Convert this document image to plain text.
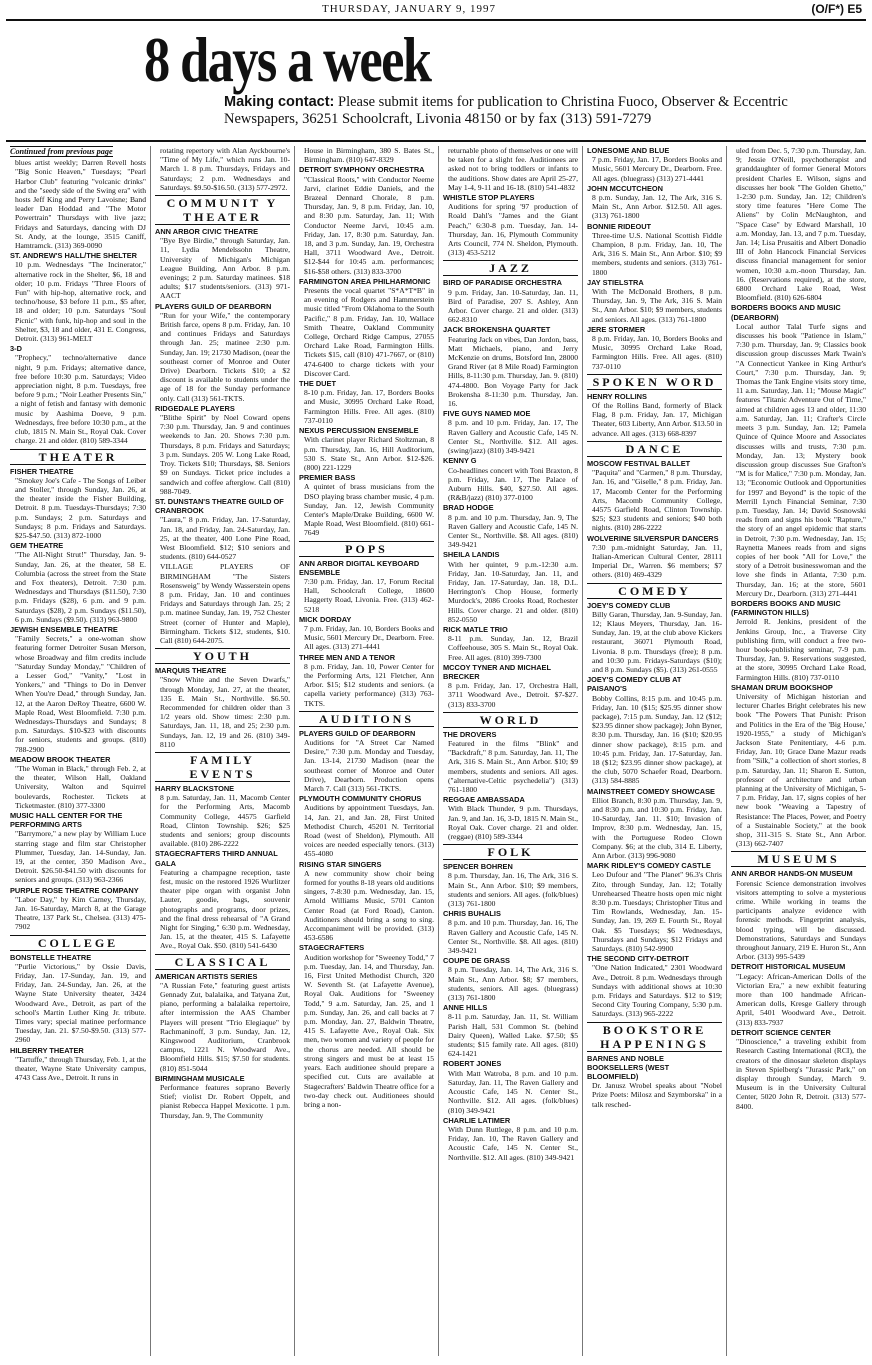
THURSDAY, JANUARY 9, 1997	(O/F*) E5
8 days a week
Making contact: Please submit items for publication to Christina Fuoco, Observer & Eccentric Newspapers, 36251 Schoolcraft, Livonia 48150 or by fax (313) 591-7279
Continued from previous page
blues artist weekly; Darren Revell hosts "Big Sonic Heaven," Tuesdays; "Pearl Harbor Club" featuring "volcanic drinks" and the "seedy side of the Swing era" with hosts Jeff King and Perry Lavoisne; Band leader Dan Hoddad and "The Motor Powertrain" Thursdays with live jazz; Fridays and Saturdays, dancing with DJ St. Andy, at the lounge, 3515 Caniff, Hamtramck. (313) 369-0090
ST. ANDREW'S HALL/THE SHELTER
10 p.m. Wednesdays "The Incinerator," alternative rock in the Shelter, $6, 18 and older; 10 p.m. Fridays "Three Floors of Fun" with hip-hop, alternative rock, and techno/house, $3 before 11 p.m., $5 after, 18 and older; 10 p.m. Saturdays "Soul Picnic" with funk, hip-hop and soul in the Shelter, $3, 18 and older, 431 E. Congress, Detroit. (313) 961-MELT
3-D
"Prophecy," techno/alternative dance night, 9 p.m. Fridays; alternative dance, free before 10:30 p.m. Saturdays; Video appreciation night, 8 p.m. Tuesdays, free before 9 p.m.; "Noir Leather Presents Sin," a night of fetish and fantasy with demonic music by Aashima Doeve, 9 p.m. Wednesdays, free before 10:30 p.m., at the club, 1815 N. Main St., Royal Oak. Cover charge. 21 and older. (810) 589-3344
THEATER
FISHER THEATRE
"Smokey Joe's Cafe - The Songs of Leiber and Stoller," through Sunday, Jan. 26, at the theater inside the Fisher Building, Detroit. 8 p.m. Tuesdays-Thursdays; 7:30 p.m. Sundays; 2 p.m. Saturdays and Sundays; 8 p.m. Fridays and Saturdays. $25-$47.50. (313) 872-1000
GEM THEATRE
"The All-Night Strut!" Thursday, Jan. 9-Sunday, Jan. 26, at the theater, 58 E. Columbia (across the street from the State and Fox theaters), Detroit. 7:30 p.m. Wednesdays and Thursdays ($11.50), 7:30 p.m. Fridays ($28), 6 p.m. and 9 p.m. Saturdays ($28), 2 p.m. Sundays ($11.50), 6 p.m. Sundays ($9.50). (313) 963-9800
JEWISH ENSEMBLE THEATRE
"Family Secrets," a one-woman show featuring former Detroiter Susan Merson, whose Broadway and film credits include "Saturday Sunday Monday," "Children of a Lesser God," "Vanity," "Lost in Yonkers," and "Things to Do in Denver When You're Dead," through Sunday, Jan. 12, at the Aaron DeRoy Theatre, 6600 W. Maple Road, West Bloomfield. 7:30 p.m. Wednesdays-Thursdays and Sundays; 8 p.m. Saturdays. $10-$23 with discounts for seniors, students and groups. (810) 788-2900
MEADOW BROOK THEATER
"The Woman in Black," through Feb. 2, at the theater, Wilson Hall, Oakland University, Walton and Squirrel boulevards, Rochester. Tickets at Ticketmaster. (810) 377-3300
MUSIC HALL CENTER FOR THE PERFORMING ARTS
"Barrymore," a new play by William Luce starring stage and film star Christopher Plummer, Tuesday, Jan. 14-Sunday, Jan. 19, at the center, 350 Madison Ave., Detroit. $26.50-$41.50 with discounts for seniors and groups. (313) 963-2366
PURPLE ROSE THEATRE COMPANY
"Labor Day," by Kim Carney, Thursday, Jan. 16-Saturday, March 8, at the Garage Theatre, 137 Park St., Chelsea. (313) 475-7902
COLLEGE
BONSTELLE THEATRE
"Purlie Victorious," by Ossie Davis, Friday, Jan. 17-Sunday, Jan. 19, and Friday, Jan. 24-Sunday, Jan. 26, at the Wayne State University theater, 3424 Woodward Ave., Detroit, as part of the school's Martin Luther King Jr. tribute. Times vary; special matinee performance Tuesday, Jan. 21. $7.50-$9.50. (313) 577-2960
HILBERRY THEATER
"Tartuffe," through Thursday, Feb. 1, at the theater, Wayne State University campus, 4743 Cass Ave., Detroit. It runs in
rotating repertory with Alan Ayckbourne's "Time of My Life," which runs Jan. 10-March 1. 8 p.m. Thursdays, Fridays and Saturdays; 2 p.m. Wednesdays and Saturdays. $9.50-$16.50. (313) 577-2972.
COMMUNIT Y THEATER
ANN ARBOR CIVIC THEATRE
"Bye Bye Birdie," through Saturday, Jan. 11, Lydia Mendelssohn Theatre, University of Michigan's Michigan League Building, Ann Arbor. 8 p.m. evenings; 2 p.m. Saturday matinees. $18 adults; $17 students/seniors. (313) 971-AACT
PLAYERS GUILD OF DEARBORN
"Run for your Wife," the contemporary British farce, opens 8 p.m. Friday, Jan. 10 and continues Fridays and Saturdays through Jan. 25; matinee 2:30 p.m. Sunday, Jan. 19; 21730 Madison, (near the southeast corner of Monroe and Outer Drive) Dearborn. Tickets $10; a $2 discount is available to students under the age of 18 for the Sunday performance only. Call (313) 561-TKTS.
RIDGEDALE PLAYERS
"Blithe Spirit" by Noel Coward opens 7:30 p.m. Thursday, Jan. 9 and continues weekends to Jan. 20. Shows 7:30 p.m. Thursdays, 8 p.m. Fridays and Saturdays; 3 p.m. Sundays. 205 W. Long Lake Road, Troy. Tickets $10; Thursdays, $8. Seniors $9 on Sundays. Ticket price includes a sandwich and coffee afterglow. Call (810) 988-7049.
ST. DUNSTAN'S THEATRE GUILD OF CRANBROOK
"Laura," 8 p.m. Friday, Jan. 17-Saturday, Jan. 18, and Friday, Jan. 24-Saturday, Jan. 25, at the theater, 400 Lone Pine Road, West Bloomfield. $12; $10 seniors and students. (810) 644-0527
VILLAGE PLAYERS OF BIRMINGHAM "The Sisters Rosensweig" by Wendy Wasserstein opens 8 p.m. Friday, Jan. 10 and continues Fridays and Saturdays through Jan. 25; 2 p.m. matinee Sunday, Jan. 19, 752 Chester Street (corner of Hunter and Maple), Birmingham. Tickets $12, students, $10. Call (810) 644-2075.
YOUTH
MARQUIS THEATRE
"Snow White and the Seven Dwarfs," through Monday, Jan. 27, at the theater, 135 E. Main St., Northville. $6.50. Recommended for children older than 3 1/2 years old. Show times: 2:30 p.m. Saturdays, Jan. 11, 18, and 25; 2:30 p.m. Sundays, Jan. 12, 19 and 26. (810) 349-8110
FAMILY EVENTS
HARRY BLACKSTONE
8 p.m. Saturday, Jan. 11, Macomb Center for the Performing Arts, Macomb Community College, 44575 Garfield Road, Clinton Township. $26; $25 students and seniors; group discounts available. (810) 286-2222
STAGECRAFTERS THIRD ANNUAL GALA
Featuring a champagne reception, taste fest, music on the restored 1926 Wurlitzer theater pipe organ with organist John Lauter, goodie, bags, souvenir photographs and programs, door prizes, and the final dress rehearsal of "A Grand Night for Singing," 6:30 p.m. Wednesday, Jan. 15, at the theater, 415 S. Lafayette Ave., Royal Oak. $50. (810) 541-6430
CLASSICAL
AMERICAN ARTISTS SERIES
"A Russian Fete," featuring guest artists Gennady Zut, balalaika, and Tatyana Zut, piano, performing a balalaika repertoire, after intermission the AAS Chamber Players will present "Trio Elegiaque" by Rachmaninoff, 3 p.m. Sunday, Jan. 12, Kingswood Auditorium, Cranbrook campus, 1221 N. Woodward Ave., Bloomfield Hills. $15; $7.50 for students. (810) 851-5044
BIRMINGHAM MUSICALE
Performance features soprano Beverly Stief; violist Dr. Robert Oppelt, and pianist Rebecca Happel Mexicotte. 1 p.m. Thursday, Jan. 9, The Community
House in Birmingham, 380 S. Bates St., Birmingham. (810) 647-8329
DETROIT SYMPHONY ORCHESTRA
"Classical Roots," with Conductor Neeme Jarvi, clarinet Eddie Daniels, and the Brazeal Dennard Chorale, 8 p.m. Thursday, Jan. 9, 8 p.m. Friday, Jan. 10, and 8:30 p.m. Saturday, Jan. 11; With Conductor Neeme Jarvi, 10:45 a.m. Friday, Jan. 17, 8:30 p.m. Saturday, Jan. 18, and 3 p.m. Sunday, Jan. 19, Orchestra Hall, 3711 Woodward Ave., Detroit. $12-$44 for 10:45 a.m. performances; $16-$58 others. (313) 833-3700
FARMINGTON AREA PHILHARMONIC
Presents the vocal quartet "S*A*T*B" in an evening of Rodgers and Hammerstein music titled "From Oklahoma to the South Pacific," 8 p.m. Friday, Jan. 10, Wallace Smith Theatre, Oakland Community College, Orchard Ridge Campus, 27055 Orchard Lake Road, Farmington Hills. Tickets $15, call (810) 471-7667, or (810) 474-6400 to charge tickets with your Discover Card.
THE DUET
8-10 p.m. Friday, Jan. 17, Borders Books and Music, 30995 Orchard Lake Road, Farmington Hills. Free. All ages. (810) 737-0110
NEXUS PERCUSSION ENSEMBLE
With clarinet player Richard Stoltzman, 8 p.m. Thursday, Jan. 16, Hill Auditorium, 530 S. State St., Ann Arbor. $12-$26. (800) 221-1229
PREMIER BASS
A quintet of brass musicians from the DSO playing brass chamber music, 4 p.m. Sunday, Jan. 12, Jewish Community Center's Maple/Drake Building, 6600 W. Maple Road, West Bloomfield. (810) 661-7649
POPS
ANN ARBOR DIGITAL KEYBOARD ENSEMBLE
7:30 p.m. Friday, Jan. 17, Forum Recital Hall, Schoolcraft College, 18600 Haggerty Road, Livonia. Free. (313) 462-5218
MICK DORDAY
7 p.m. Friday, Jan. 10, Borders Books and Music, 5601 Mercury Dr., Dearborn. Free. All ages. (313) 271-4441
THREE MEN AND A TENOR
8 p.m. Friday, Jan. 10, Power Center for the Performing Arts, 121 Fletcher, Ann Arbor. $15; $12 students and seniors. (a capella variety performance) (313) 763-TKTS.
AUDITIONS
PLAYERS GUILD OF DEARBORN
Auditions for "A Street Car Named Desire," 7:30 p.m. Monday and Tuesday, Jan. 13-14, 21730 Madison (near the southeast corner of Monroe and Outer Drive), Dearborn. Production opens March 7. Call (313) 561-TKTS.
PLYMOUTH COMMUNITY CHORUS
Auditions by appointment Tuesdays, Jan. 14, Jan. 21, and Jan. 28, First United Methodist Church, 45201 N. Territorial Road (west of Sheldon), Plymouth. All voices are needed especially tenors. (313) 455-4080
RISING STAR SINGERS
A new community show choir being formed for youths 8-18 years old auditions singers, 7-8:30 p.m. Wednesday, Jan. 15, Arnold Williams Music, 5701 Canton Center Road (at Ford Road), Canton. Auditioners should bring a song to sing. Accompaniment will be provided. (313) 453-6586
STAGECRAFTERS
Audition workshop for "Sweeney Todd," 7 p.m. Tuesday, Jan. 14, and Thursday, Jan. 16, First United Methodist Church, 320 W. Seventh St. (at Lafayette Avenue), Royal Oak. Auditions for "Sweeney Todd," 9 a.m. Saturday, Jan. 25, and 1 p.m. Sunday, Jan. 26, and call backs at 7 p.m. Monday, Jan. 27, Baldwin Theatre, 415 S. Lafayette Ave., Royal Oak. Six men, two women and variety of people for the chorus are needed. All should be strong singers and must be at least 15 years. Each auditionee should prepare a specified cut. Cuts are available at Stagecrafters' Baldwin Theatre office for a two-day check out. Auditionees should bring a non-
returnable photo of themselves or one will be taken for a slight fee. Auditionees are asked not to bring toddlers or infants to the auditions. Show dates are April 25-27, May 1-4, 9-11 and 16-18. (810) 541-4832
WHISTLE STOP PLAYERS
Auditions for spring '97 production of Roald Dahl's "James and the Giant Peach," 6:30-8 p.m. Tuesday, Jan. 14-Thursday, Jan. 16, Plymouth Community Arts Council, 774 N. Sheldon, Plymouth. (313) 453-5212
JAZZ
BIRD OF PARADISE ORCHESTRA
9 p.m. Friday, Jan. 10-Saturday, Jan. 11, Bird of Paradise, 207 S. Ashley, Ann Arbor. Cover charge. 21 and older. (313) 662-8310
JACK BROKENSHA QUARTET
Featuring Jack on vibes, Dan Jordon, bass, Matt Michaels, piano, and Jerry McKenzie on drums, Botsford Inn, 28000 Grand River (at 8 Mile Road) Farmington Hills, 8-11:30 p.m. Thursday, Jan. 9. (810) 474-4800. Bon Voyage Party for Jack Brokensha 8-11:30 p.m. Thursday, Jan. 16.
FIVE GUYS NAMED MOE
8 p.m. and 10 p.m. Friday, Jan. 17, The Raven Gallery and Acoustic Cafe, 145 N. Center St., Northville. $12. All ages. (swing/jazz) (810) 349-9421
KENNY G
Co-headlines concert with Toni Braxton, 8 p.m. Friday, Jan. 17, The Palace of Auburn Hills. $40, $27.50. All ages. (R&B/jazz) (810) 377-0100
BRAD HODGE
8 p.m. and 10 p.m. Thursday, Jan. 9, The Raven Gallery and Acoustic Cafe, 145 N. Center St., Northville. $8. All ages. (810) 349-9421
SHEILA LANDIS
With her quintet, 9 p.m.-12:30 a.m. Friday, Jan. 10-Saturday, Jan. 11, and Friday, Jan. 17-Saturday, Jan. 18, D.L. Herrington's Chop House, formerly Murdock's, 2086 Crooks Road, Rochester Hills. Cover charge. 21 and older. (810) 852-0550
RICK MATLE TRIO
8-11 p.m. Sunday, Jan. 12, Brazil Coffeehouse, 305 S. Main St., Royal Oak. Free. All ages. (810) 399-7300
MCCOY TYNER AND MICHAEL BRECKER
8 p.m. Friday, Jan. 17, Orchestra Hall, 3711 Woodward Ave., Detroit. $7-$27. (313) 833-3700
WORLD
THE DROVERS
Featured in the films "Blink" and "Backdraft," 8 p.m. Saturday, Jan. 11, The Ark, 316 S. Main St., Ann Arbor. $10; $9 members, students and seniors. All ages. ("alternative-Celtic psychedelia") (313) 761-1800
REGGAE AMBASSADA
With Black Thunder, 9 p.m. Thursdays, Jan. 9, and Jan. 16, 3-D, 1815 N. Main St., Royal Oak. Cover charge. 21 and older. (reggae) (810) 589-3344
FOLK
SPENCER BOHREN
8 p.m. Thursday, Jan. 16, The Ark, 316 S. Main St., Ann Arbor. $10; $9 members, students and seniors. All ages. (folk/blues) (313) 761-1800
CHRIS BUHALIS
8 p.m. and 10 p.m. Thursday, Jan. 16, The Raven Gallery and Acoustic Cafe, 145 N. Center St., Northville. $8. All ages. (810) 349-9421
COUPE DE GRASS
8 p.m. Tuesday, Jan. 14, The Ark, 316 S. Main St., Ann Arbor. $8; $7 members, students, seniors. All ages. (bluegrass) (313) 761-1800
ANNE HILLS
8-11 p.m. Saturday, Jan. 11, St. William Parish Hall, 531 Common St. (behind Dairy Queen), Walled Lake. $7.50; $5 students; $15 family rate. All ages. (810) 624-1421
ROBERT JONES
With Matt Watroba, 8 p.m. and 10 p.m. Saturday, Jan. 11, The Raven Gallery and Acoustic Cafe, 145 N. Center St., Northville. $12. All ages. (folk/blues) (810) 349-9421
CHARLIE LATIMER
With Dunn Ruttlege, 8 p.m. and 10 p.m. Friday, Jan. 10, The Raven Gallery and Acoustic Cafe, 145 N. Center St., Northville. $12. All ages. (810) 349-9421
LONESOME AND BLUE
7 p.m. Friday, Jan. 17, Borders Books and Music, 5601 Mercury Dr., Dearborn. Free. All ages. (bluegrass) (313) 271-4441
JOHN MCCUTCHEON
8 p.m. Sunday, Jan. 12, The Ark, 316 S. Main St., Ann Arbor. $12.50. All ages. (313) 761-1800
BONNIE RIDEOUT
Three-time U.S. National Scottish Fiddle Champion, 8 p.m. Friday, Jan. 10, The Ark, 316 S. Main St., Ann Arbor. $10; $9 members, students and seniors. (313) 761-1800
JAY STIELSTRA
With The McDonald Brothers, 8 p.m. Thursday, Jan. 9, The Ark, 316 S. Main St., Ann Arbor. $10; $9 members, students and seniors. All ages. (313) 761-1800
JERE STORMER
8 p.m. Friday, Jan. 10, Borders Books and Music, 30995 Orchard Lake Road, Farmington Hills. Free. All ages. (810) 737-0110
SPOKEN WORD
HENRY ROLLINS
Of the Rollins Band, formerly of Black Flag, 8 p.m. Friday, Jan. 17, Michigan Theater, 603 Liberty, Ann Arbor. $13.50 in advance. All ages. (313) 668-8397
DANCE
MOSCOW FESTIVAL BALLET
"Paquita" and "Carmen," 8 p.m. Thursday, Jan. 16, and "Giselle," 8 p.m. Friday, Jan. 17, Macomb Center for the Performing Arts, Macomb Community College, 44575 Garfield Road, Clinton Township. $25; $23 students and seniors; $40 both nights. (810) 286-2222
WOLVERINE SILVERSPUR DANCERS
7:30 p.m.-midnight Saturday, Jan. 11, Italian-American Cultural Center, 28111 Imperial Dr., Warren. $6 members; $7 others. (810) 469-4329
COMEDY
JOEY'S COMEDY CLUB
Billy Garan, Thursday, Jan. 9-Sunday, Jan. 12; Klaus Meyers, Thursday, Jan. 16-Sunday, Jan. 19, at the club above Kickers restaurant, 36071 Plymouth Road, Livonia. 8 p.m. Thursdays (free); 8 p.m. and 10:30 p.m. Fridays-Saturdays ($10); and 8 p.m. Sundays ($5). (313) 261-0555
JOEY'S COMEDY CLUB AT PAISANO'S
Bobby Collins, 8:15 p.m. and 10:45 p.m. Friday, Jan. 10 ($15; $25.95 dinner show package), 7:15 p.m. Sunday, Jan. 12 ($12; $23.95 dinner show package); John Byner, 8:30 p.m. Thursday, Jan. 16 ($10; $20.95 dinner show package), 8:15 p.m. and 10:45 p.m. Friday, Jan. 17-Saturday, Jan. 18 ($12; $23.95 dinner show package), at the club, 5070 Schaefer Road, Dearborn. (313) 584-8885
MAINSTREET COMEDY SHOWCASE
Elliot Branch, 8:30 p.m. Thursday, Jan. 9, and 8:30 p.m. and 10:30 p.m. Friday, Jan. 10-Saturday, Jan. 11. $10; Invasion of Improv, 8:30 p.m. Wednesday, Jan. 15, with the Portuguese Rodeo Clown Company. $6; at the club, 314 E. Liberty, Ann Arbor. (313) 996-9080
MARK RIDLEY'S COMEDY CASTLE
Leo Dufour and "The Planet" 96.3's Chris Zito, through Sunday, Jan. 12; Totally Unrehearsed Theatre hosts open mic night 8:30 p.m. Tuesdays; Christopher Titus and Tim Rowlands, Wednesday, Jan. 15-Sunday, Jan. 19, 269 E. Fourth St., Royal Oak. $5 Tuesdays; $6 Wednesdays, Thursdays and Sundays; $12 Fridays and Saturdays. (810) 542-9900
THE SECOND CITY-DETROIT
"One Nation Indicated," 2301 Woodward Ave., Detroit. 8 p.m. Wednesdays through Sundays with additional shows at 10:30 p.m. Fridays and Saturdays. $12 to $19; Second City Touring Company, 5:30 p.m. Saturdays. (313) 965-2222
BOOKSTORE HAPPENINGS
BARNES AND NOBLE BOOKSELLERS (WEST BLOOMFIELD)
Dr. Janusz Wrobel speaks about "Nobel Prize Poets: Milosz and Szymborska" in a talk resched-
uled from Dec. 5, 7:30 p.m. Thursday, Jan. 9; Jessie O'Neill, psychotherapist and granddaughter of former General Motors president Charles E. Wilson, signs and discusses her book "The Golden Ghetto," 1-2:30 p.m. Sunday, Jan. 12; Children's story time features "Here Come The Aliens" by Colin McNaughton, and "Space Case" by Edward Marshall, 10 a.m. Monday, Jan. 13, and 7 p.m. Tuesday, Jan. 14; Lisa Prusaitis and Albert Donadio III of John Hancock Financial Services discuss financial management for senior women, 10:30 a.m.-noon Thursday, Jan. 16. (Reservations required), at the store, 6800 Orchard Lake Road, West Bloomfield. (810) 626-6804
BORDERS BOOKS AND MUSIC (DEARBORN)
Local author Talal Turfe signs and discusses his book "Patience in Islam," 7:30 p.m. Thursday, Jan. 9; Classics book discussion group discusses Mark Twain's "A Connecticut Yankee in King Arthur's Court," 7:30 p.m. Thursday, Jan. 9; Thomas the Tank Engine visits story time, 11 a.m. Saturday, Jan. 11; "Mouse Magic" features "Titanic Adventure Out of Time," aimed at children ages 13 and older, 11:30 a.m. Saturday, Jan. 11; Crafter's Circle meets 3 p.m. Sunday, Jan. 12; Pamela Quince of Quince Moore and Associates discusses wills and trusts, 7:30 p.m. Monday, Jan. 13; Mystery book discussion group discusses Sue Grafton's "M is for Malice," 7:30 p.m. Monday, Jan. 13; "Economic Outlook and Opportunities for 1997 and Beyond" is the topic of the Merrill Lynch Financial Seminar, 7:30 p.m. Tuesday, Jan. 14; David Sosnowski reads from and signs his book "Rapture," the story of an angel epidemic that starts in Detroit, 7:30 p.m. Wednesday, Jan. 15; Raynetta Manees reads from and signs copies of her book "All for Love," the story of a Detroit businesswoman and the love she finds in Atlanta, 7:30 p.m. Thursday, Jan. 16; at the store, 5601 Mercury Dr., Dearborn. (313) 271-4441
BORDERS BOOKS AND MUSIC (FARMINGTON HILLS)
Jerrold R. Jenkins, president of the Jenkins Group, Inc., a Traverse City publishing firm, will conduct a free two-hour book-publishing seminar, 7-9 p.m. Thursday, Jan. 9. Reservations suggested, at the store, 30995 Orchard Lake Road, Farmington Hills. (810) 737-0110
SHAMAN DRUM BOOKSHOP
University of Michigan historian and lecturer Charles Bright celebrates his new book "The Powers That Punish: Prison and Politics in the Era of the 'Big House,' 1920-1955," a study of Michigan's Jackson State Penitentiary, 4-6 p.m. Friday, Jan. 10; Grace Dane Mazur reads from "Silk," a collection of short stories, 8 p.m. Saturday, Jan. 11; Sharon E. Sutton, professor of architecture and urban planning at the University of Michigan, 5-7 p.m. Friday, Jan. 17, signs copies of her new book "Weaving a Tapestry of Resistance: The Places, Power, and Poetry of a Sustainable Society," at the book shop, 311-315 S. State St., Ann Arbor. (313) 662-7407
MUSEUMS
ANN ARBOR HANDS-ON MUSEUM
Forensic Science demonstration involves visitors attempting to solve a mysterious crime. While working in teams the participants analyze evidence with forensic methods. Fingerprint analysis, blood typing, will be discussed. Demonstrations, Saturdays and Sundays throughout January, 219 E. Huron St., Ann Arbor. (313) 995-5439
DETROIT HISTORICAL MUSEUM
"Legacy: African-American Dolls of the Victorian Era," a new exhibit featuring more than 100 handmade African-American dolls, Kresge Gallery through April, 5401 Woodward Ave., Detroit. (313) 833-7937
DETROIT SCIENCE CENTER
"Dinoscience," a traveling exhibit from Research Casting International (RCI), the creators of the dinosaur skeleton displays in Steven Spielberg's "Jurassic Park," on display through Sunday, March 9. Museum is in the University Cultural Center, 5020 John R, Detroit. (313) 577-8400.
